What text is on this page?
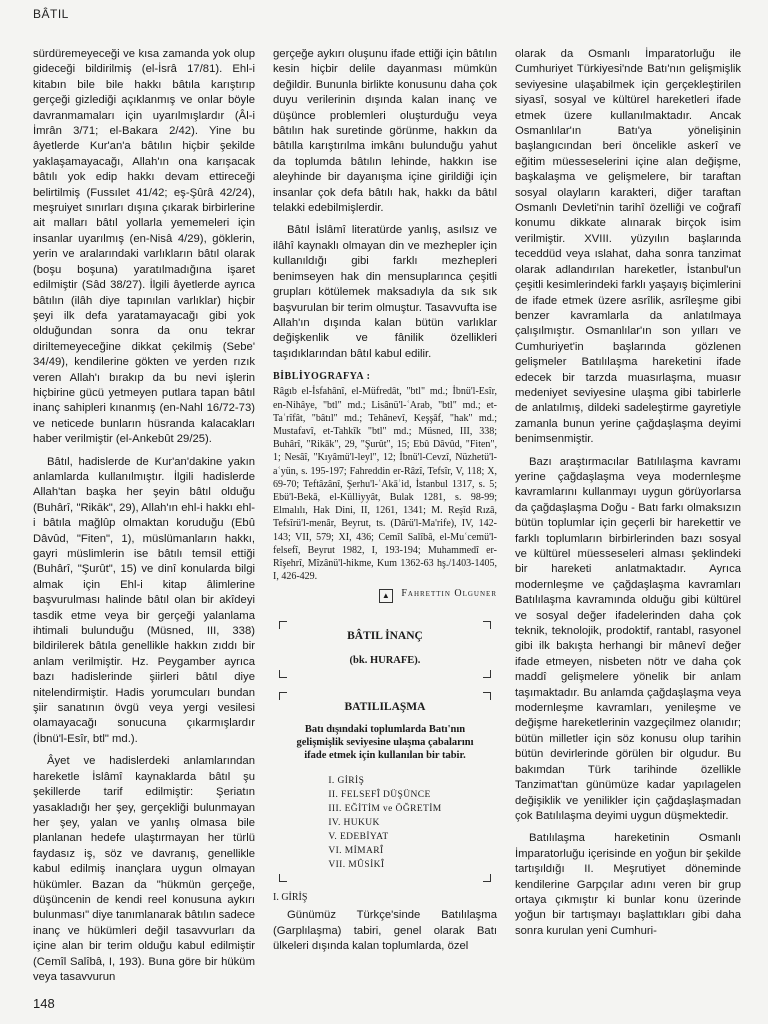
BÂTIL

sürdüremeyeceği ve kısa zamanda yok olup gideceği bildirilmiş (el-İsrâ 17/81). Ehl-i kitabın bile bile hakkı bâtıla karıştırıp gerçeği gizlediği açıklanmış ve onlar böyle davranmamaları için uyarılmışlardır (Âl-i İmrân 3/71; el-Bakara 2/42). Yine bu âyetlerde Kur'an'a bâtılın hiçbir şekilde yaklaşamayacağı, Allah'ın ona karışacak bâtılı yok edip hakkı devam ettireceği belirtilmiş (Fussılet 41/42; eş-Şûrâ 42/24), meşruiyet sınırları dışına çıkarak birbirlerine ait malları bâtıl yollarla yememeleri için insanlar uyarılmış (en-Nisâ 4/29), göklerin, yerin ve aralarındaki varlıkların bâtıl olarak (boşu boşuna) yaratılmadığına işaret edilmiştir (Sâd 38/27). İlgili âyetlerde ayrıca bâtılın (ilâh diye tapınılan varlıklar) hiçbir şeyi ilk defa yaratamayacağı gibi yok olduğundan sonra da onu tekrar diriltemeyeceğine dikkat çekilmiş (Sebe' 34/49), kendilerine gökten ve yerden rızık veren Allah'ı bırakıp da bu nevi işlerin hiçbirine gücü yetmeyen putlara tapan bâtıl inanç sahipleri kınanmış (en-Nahl 16/72-73) ve neticede bunların hüsranda kalacakları haber verilmiştir (el-Ankebût 29/25).

Bâtıl, hadislerde de Kur'an'dakine yakın anlamlarda kullanılmıştır. İlgili hadislerde Allah'tan başka her şeyin bâtıl olduğu (Buhârî, "Rikāk", 29), Allah'ın ehl-i hakkı ehl-i bâtıla mağlûp olmaktan koruduğu (Ebû Dâvûd, "Fiten", 1), müslümanların hakkı, gayri müslimlerin ise bâtılı temsil ettiği (Buhârî, "Şurût", 15) ve dinî konularda bilgi almak için Ehl-i kitap âlimlerine başvurulması halinde bâtıl olan bir akîdeyi tasdik etme veya bir gerçeği yalanlama ihtimali bulunduğu (Müsned, III, 338) bildirilerek bâtıla genellikle hakkın zıddı bir anlam verilmiştir. Hz. Peygamber ayrıca bazı hadislerinde şiirleri bâtıl diye nitelendirmiştir. Hadis yorumcuları bundan şiir sanatının övgü veya yergi vesilesi olamayacağı sonucuna çıkarmışlardır (İbnü'l-Esîr, btl" md.).

Âyet ve hadislerdeki anlamlarından hareketle İslâmî kaynaklarda bâtıl şu şekillerde tarif edilmiştir: Şeriatın yasakladığı her şey, gerçekliği bulunmayan her şey, yalan ve yanlış olmasa bile planlanan hedefe ulaştırmayan her türlü faydasız iş, söz ve davranış, genellikle kabul edilmiş inançlara uygun olmayan hükümler. Bazan da "hükmün gerçeğe, düşüncenin de kendi reel konusuna aykırı bulunması" diye tanımlanarak bâtılın sadece inanç ve hükümleri değil tasavvurları da içine alan bir terim olduğu kabul edilmiştir (Cemîl Salîbâ, I, 193). Buna göre bir hüküm veya tasavvurun

gerçeğe aykırı oluşunu ifade ettiği için bâtılın kesin hiçbir delile dayanması mümkün değildir. Bununla birlikte konusunu daha çok duyu verilerinin dışında kalan inanç ve düşünce problemleri oluşturduğu veya bâtılın hak suretinde görünme, hakkın da bâtılla karıştırılma imkânı bulunduğu yahut da toplumda bâtılın lehinde, hakkın ise aleyhinde bir dayanışma içine girildiği için insanlar çok defa bâtılı hak, hakkı da bâtıl telakki edebilmişlerdir.

Bâtıl İslâmî literatürde yanlış, asılsız ve ilâhî kaynaklı olmayan din ve mezhepler için kullanıldığı gibi farklı mezhepleri benimseyen hak din mensuplarınca çeşitli grupları kötülemek maksadıyla da sık sık başvurulan bir terim olmuştur. Tasavvufta ise Allah'ın dışında kalan bütün varlıklar değişkenlik ve fânilik özellikleri taşıdıklarından bâtıl kabul edilir.

BİBLİYOGRAFYA :
Râgıb el-İsfahânî, el-Müfredât, "btl" md.; İbnü'l-Esîr, en-Nihâye, "btl" md.; Lisânü'l-ʿArab, "btl" md.; et-Taʿrîfât, "bâtıl" md.; Tehânevî, Keşşâf, "hak" md.; Mustafavî, et-Tahkîk "btl" md.; Müsned, III, 338; Buhârî, "Rikāk", 29, "Şurût", 15; Ebû Dâvûd, "Fiten", 1; Nesâî, "Kıyâmü'l-leyl", 12; İbnü'l-Cevzî, Nüzhetü'l-aʿyün, s. 195-197; Fahreddin er-Râzî, Tefsîr, V, 118; X, 69-70; Teftâzânî, Şerhu'l-ʿAkāʾid, İstanbul 1317, s. 5; Ebü'l-Bekā, el-Külliyyât, Bulak 1281, s. 98-99; Elmalılı, Hak Dini, II, 1261, 1341; M. Reşîd Rızâ, Tefsîrü'l-menâr, Beyrut, ts. (Dârü'l-Ma'rife), IV, 142-143; VII, 579; XI, 436; Cemîl Salîbâ, el-Muʿcemü'l-felsefî, Beyrut 1982, I, 193-194; Muhammedî er-Rîşehrî, Mîzânü'l-hikme, Kum 1362-63 hş./1403-1405, I, 426-429.
▲ Fahrettin Olguner
BÂTIL İNANÇ
(bk. HURAFE).
BATILILAŞMA
Batı dışındaki toplumlarda Batı'nın gelişmişlik seviyesine ulaşma çabalarını ifade etmek için kullanılan bir tabir.
I. GİRİŞ
II. FELSEFÎ DÜŞÜNCE
III. EĞİTİM ve ÖĞRETİM
IV. HUKUK
V. EDEBİYAT
VI. MİMARÎ
VII. MÛSİKÎ
I. GİRİŞ

Günümüz Türkçe'sinde Batılılaşma (Garplılaşma) tabiri, genel olarak Batı ülkeleri dışında kalan toplumlarda, özel

olarak da Osmanlı İmparatorluğu ile Cumhuriyet Türkiyesi'nde Batı'nın gelişmişlik seviyesine ulaşabilmek için gerçekleştirilen siyasî, sosyal ve kültürel hareketleri ifade etmek üzere kullanılmaktadır. Ancak Osmanlılar'ın Batı'ya yönelişinin başlangıcından beri öncelikle askerî ve eğitim müesseselerini içine alan değişme, başkalaşma ve gelişmelere, bir taraftan sosyal olayların karakteri, diğer taraftan Osmanlı Devleti'nin tarihî özelliği ve coğrafî konumu dikkate alınarak birçok isim verilmiştir. XVIII. yüzyılın başlarında teceddüd veya ıslahat, daha sonra tanzimat olarak adlandırılan hareketler, İstanbul'un çeşitli kesimlerindeki farklı yaşayış biçimlerini de ifade etmek üzere asrîlik, asrîleşme gibi benzer kavramlarla da anlatılmaya çalışılmıştır. Osmanlılar'ın son yılları ve Cumhuriyet'in başlarında gözlenen gelişmeler Batılılaşma hareketini ifade edecek bir tarzda muasırlaşma, muasır medeniyet seviyesine ulaşma gibi tabirlerle de anlatılmış, dildeki sadeleştirme gayretiyle zamanla bunun yerine çağdaşlaşma deyimi benimsenmiştir.

Bazı araştırmacılar Batılılaşma kavramı yerine çağdaşlaşma veya modernleşme kavramlarını kullanmayı uygun görüyorlarsa da çağdaşlaşma Doğu - Batı farkı olmaksızın bütün toplumlar için geçerli bir harekettir ve farklı toplumların birbirlerinden bazı sosyal ve kültürel müesseseleri alması şeklindeki bir hareketi anlatmaktadır. Ayrıca modernleşme ve çağdaşlaşma kavramları Batılılaşma kavramında olduğu gibi kültürel ve sosyal değer ifadelerinden daha çok teknik, teknolojik, prodoktif, rantabl, rasyonel gibi ilk bakışta herhangi bir mânevî değer ifade etmeyen, nisbeten nötr ve daha çok maddî gelişmelere yönelik bir anlam taşımaktadır. Bu anlamda çağdaşlaşma veya modernleşme kavramları, yenileşme ve değişme hareketlerinin vazgeçilmez olanıdır; bütün milletler için söz konusu olup tarihin bütün devirlerinde görülen bir olgudur. Bu bakımdan Türk tarihinde özellikle Tanzimat'tan günümüze kadar yapılagelen değişiklik ve yenilikler için çağdaşlaşmadan çok Batılılaşma deyimi uygun düşmektedir.

Batılılaşma hareketinin Osmanlı İmparatorluğu içerisinde en yoğun bir şekilde tartışıldığı II. Meşrutiyet döneminde kendilerine Garpçılar adını veren bir grup ortaya çıkmıştır ki bunlar konu üzerinde yoğun bir tartışmayı başlattıkları gibi daha sonra kurulan yeni Cumhuri-

148
